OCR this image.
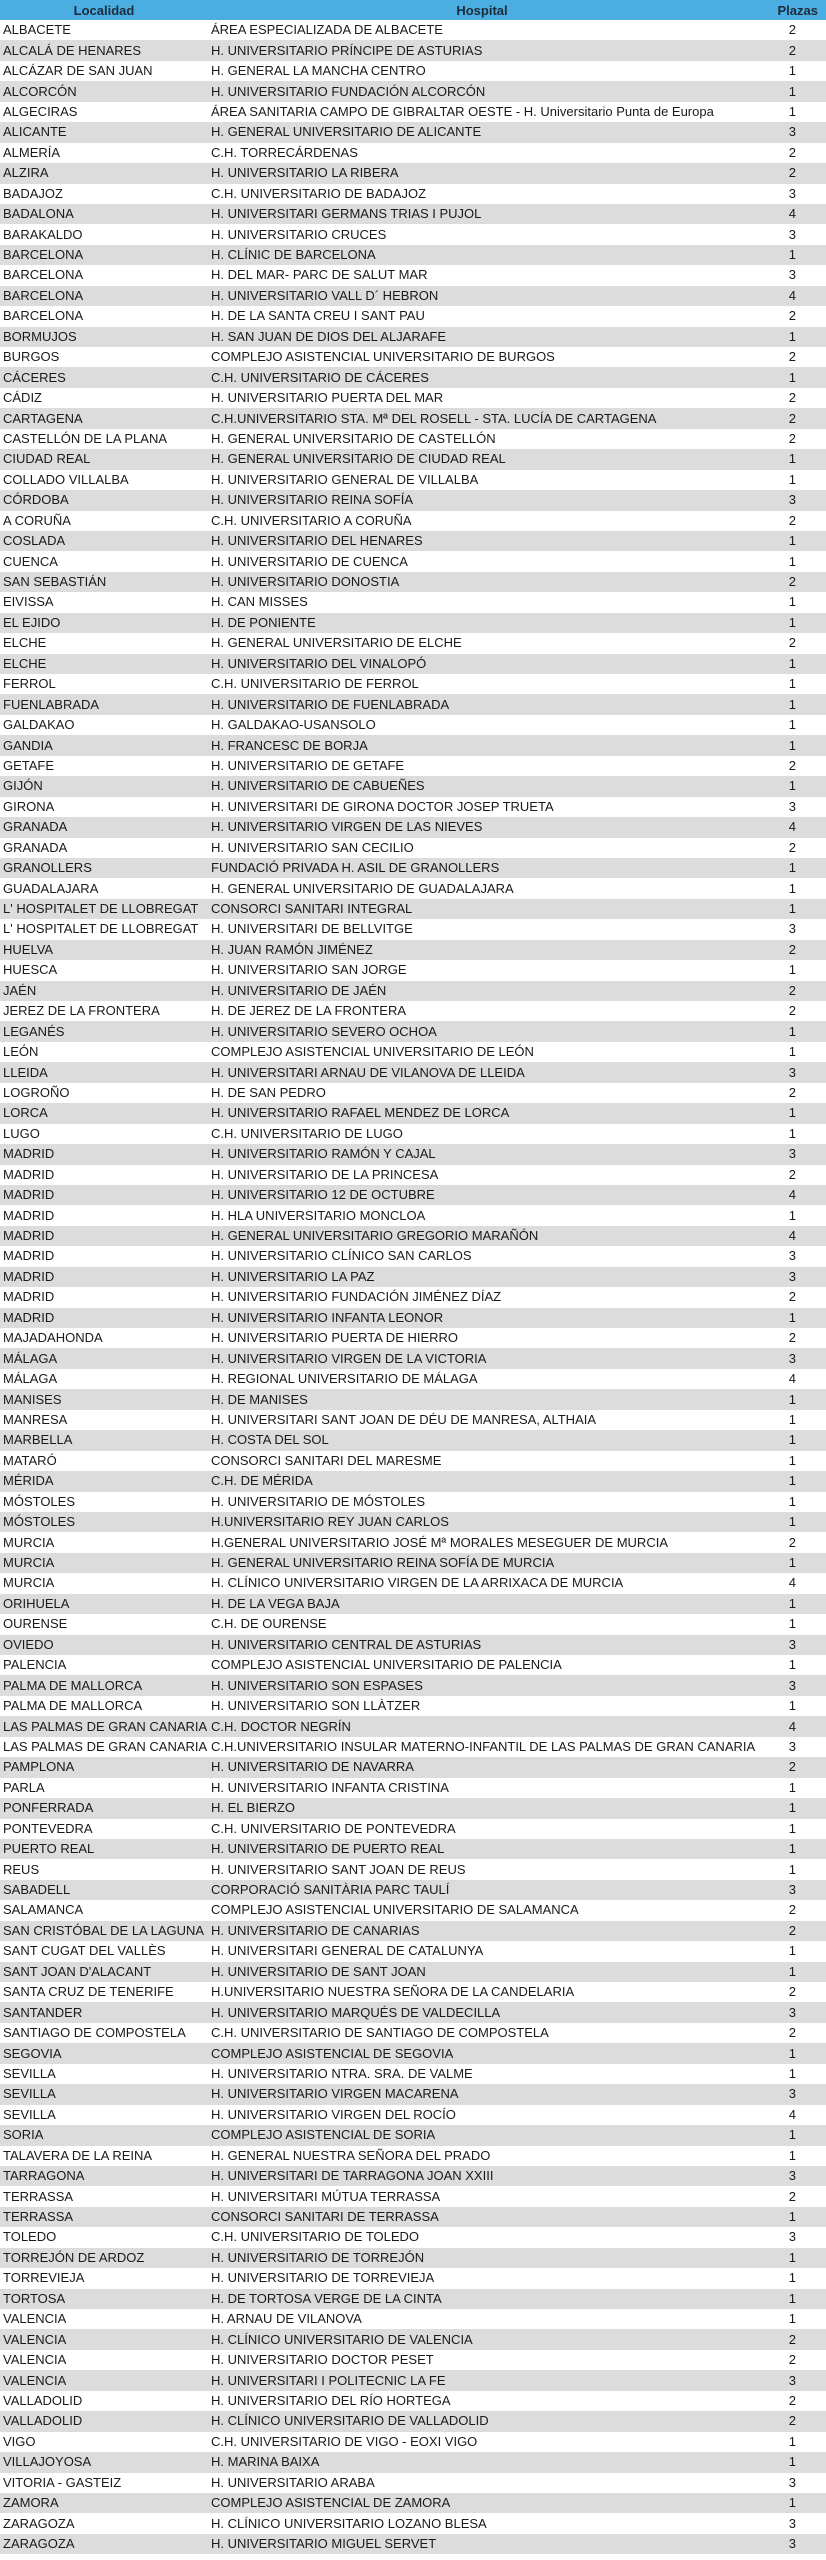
Localidad	Hospital	Plazas
ALBACETE	ÁREA ESPECIALIZADA DE ALBACETE	2
ALCALÁ DE HENARES	H. UNIVERSITARIO PRÍNCIPE DE ASTURIAS	2
ALCÁZAR DE SAN JUAN	H. GENERAL LA MANCHA CENTRO	1
ALCORCÓN	H. UNIVERSITARIO FUNDACIÓN ALCORCÓN	1
ALGECIRAS	ÁREA SANITARIA CAMPO DE GIBRALTAR OESTE - H. Universitario Punta de Europa	1
ALICANTE	H. GENERAL UNIVERSITARIO DE ALICANTE	3
ALMERÍA	C.H. TORRECÁRDENAS	2
ALZIRA	H. UNIVERSITARIO LA RIBERA	2
BADAJOZ	C.H. UNIVERSITARIO DE BADAJOZ	3
BADALONA	H. UNIVERSITARI GERMANS TRIAS I PUJOL	4
BARAKALDO	H. UNIVERSITARIO CRUCES	3
BARCELONA	H. CLÍNIC DE BARCELONA	1
BARCELONA	H. DEL MAR- PARC DE SALUT MAR	3
BARCELONA	H. UNIVERSITARIO VALL D´ HEBRON	4
BARCELONA	H. DE LA SANTA CREU I SANT PAU	2
BORMUJOS	H. SAN JUAN DE DIOS DEL ALJARAFE	1
BURGOS	COMPLEJO ASISTENCIAL UNIVERSITARIO DE BURGOS	2
CÁCERES	C.H. UNIVERSITARIO DE CÁCERES	1
CÁDIZ	H. UNIVERSITARIO PUERTA DEL MAR	2
CARTAGENA	C.H.UNIVERSITARIO STA. Mª DEL ROSELL - STA. LUCÍA DE CARTAGENA	2
CASTELLÓN DE LA PLANA	H. GENERAL UNIVERSITARIO DE CASTELLÓN	2
CIUDAD REAL	H. GENERAL UNIVERSITARIO DE CIUDAD REAL	1
COLLADO VILLALBA	H. UNIVERSITARIO GENERAL DE VILLALBA	1
CÓRDOBA	H. UNIVERSITARIO REINA SOFÍA	3
A CORUÑA	C.H. UNIVERSITARIO A CORUÑA	2
COSLADA	H. UNIVERSITARIO DEL HENARES	1
CUENCA	H. UNIVERSITARIO DE CUENCA	1
SAN SEBASTIÁN	H. UNIVERSITARIO DONOSTIA	2
EIVISSA	H. CAN MISSES	1
EL EJIDO	H. DE PONIENTE	1
ELCHE	H. GENERAL UNIVERSITARIO DE ELCHE	2
ELCHE	H. UNIVERSITARIO DEL VINALOPÓ	1
FERROL	C.H. UNIVERSITARIO DE FERROL	1
FUENLABRADA	H. UNIVERSITARIO DE FUENLABRADA	1
GALDAKAO	H. GALDAKAO-USANSOLO	1
GANDIA	H. FRANCESC DE BORJA	1
GETAFE	H. UNIVERSITARIO DE GETAFE	2
GIJÓN	H. UNIVERSITARIO DE CABUEÑES	1
GIRONA	H. UNIVERSITARI DE GIRONA DOCTOR JOSEP TRUETA	3
GRANADA	H. UNIVERSITARIO VIRGEN DE LAS NIEVES	4
GRANADA	H. UNIVERSITARIO SAN CECILIO	2
GRANOLLERS	FUNDACIÓ PRIVADA H. ASIL DE GRANOLLERS	1
GUADALAJARA	H. GENERAL UNIVERSITARIO DE GUADALAJARA	1
L' HOSPITALET DE LLOBREGAT	CONSORCI SANITARI INTEGRAL	1
L' HOSPITALET DE LLOBREGAT	H. UNIVERSITARI DE BELLVITGE	3
HUELVA	H. JUAN RAMÓN JIMÉNEZ	2
HUESCA	H. UNIVERSITARIO SAN JORGE	1
JAÉN	H. UNIVERSITARIO DE JAÉN	2
JEREZ DE LA FRONTERA	H. DE JEREZ DE LA FRONTERA	2
LEGANÉS	H. UNIVERSITARIO SEVERO OCHOA	1
LEÓN	COMPLEJO ASISTENCIAL UNIVERSITARIO DE LEÓN	1
LLEIDA	H. UNIVERSITARI ARNAU DE VILANOVA DE LLEIDA	3
LOGROÑO	H. DE SAN PEDRO	2
LORCA	H. UNIVERSITARIO RAFAEL MENDEZ DE LORCA	1
LUGO	C.H. UNIVERSITARIO DE LUGO	1
MADRID	H. UNIVERSITARIO RAMÓN Y CAJAL	3
MADRID	H. UNIVERSITARIO DE LA PRINCESA	2
MADRID	H. UNIVERSITARIO 12 DE OCTUBRE	4
MADRID	H. HLA UNIVERSITARIO MONCLOA	1
MADRID	H. GENERAL UNIVERSITARIO GREGORIO MARAÑÓN	4
MADRID	H. UNIVERSITARIO CLÍNICO SAN CARLOS	3
MADRID	H. UNIVERSITARIO LA PAZ	3
MADRID	H. UNIVERSITARIO FUNDACIÓN JIMÉNEZ DÍAZ	2
MADRID	H. UNIVERSITARIO INFANTA LEONOR	1
MAJADAHONDA	H. UNIVERSITARIO PUERTA DE HIERRO	2
MÁLAGA	H. UNIVERSITARIO VIRGEN DE LA VICTORIA	3
MÁLAGA	H. REGIONAL UNIVERSITARIO DE MÁLAGA	4
MANISES	H. DE MANISES	1
MANRESA	H. UNIVERSITARI SANT JOAN DE DÉU DE MANRESA, ALTHAIA	1
MARBELLA	H. COSTA DEL SOL	1
MATARÓ	CONSORCI SANITARI DEL MARESME	1
MÉRIDA	C.H. DE MÉRIDA	1
MÓSTOLES	H. UNIVERSITARIO DE MÓSTOLES	1
MÓSTOLES	H.UNIVERSITARIO REY JUAN CARLOS	1
MURCIA	H.GENERAL UNIVERSITARIO JOSÉ Mª MORALES MESEGUER DE MURCIA	2
MURCIA	H. GENERAL UNIVERSITARIO REINA SOFÍA DE MURCIA	1
MURCIA	H. CLÍNICO UNIVERSITARIO VIRGEN DE LA ARRIXACA DE MURCIA	4
ORIHUELA	H. DE LA VEGA BAJA	1
OURENSE	C.H. DE OURENSE	1
OVIEDO	H. UNIVERSITARIO CENTRAL DE ASTURIAS	3
PALENCIA	COMPLEJO ASISTENCIAL UNIVERSITARIO DE PALENCIA	1
PALMA DE MALLORCA	H. UNIVERSITARIO SON ESPASES	3
PALMA DE MALLORCA	H. UNIVERSITARIO SON LLÀTZER	1
LAS PALMAS DE GRAN CANARIA	C.H. DOCTOR NEGRÍN	4
LAS PALMAS DE GRAN CANARIA	C.H.UNIVERSITARIO INSULAR MATERNO-INFANTIL DE LAS PALMAS DE GRAN CANARIA	3
PAMPLONA	H. UNIVERSITARIO DE NAVARRA	2
PARLA	H. UNIVERSITARIO INFANTA CRISTINA	1
PONFERRADA	H. EL BIERZO	1
PONTEVEDRA	C.H. UNIVERSITARIO DE PONTEVEDRA	1
PUERTO REAL	H. UNIVERSITARIO DE PUERTO REAL	1
REUS	H. UNIVERSITARIO SANT JOAN DE REUS	1
SABADELL	CORPORACIÓ SANITÀRIA PARC TAULÍ	3
SALAMANCA	COMPLEJO ASISTENCIAL UNIVERSITARIO DE SALAMANCA	2
SAN CRISTÓBAL DE LA LAGUNA	H. UNIVERSITARIO DE CANARIAS	2
SANT CUGAT DEL VALLÈS	H. UNIVERSITARI GENERAL DE CATALUNYA	1
SANT JOAN D'ALACANT	H. UNIVERSITARIO DE SANT JOAN	1
SANTA CRUZ DE TENERIFE	H.UNIVERSITARIO NUESTRA SEÑORA DE LA CANDELARIA	2
SANTANDER	H. UNIVERSITARIO MARQUÉS DE VALDECILLA	3
SANTIAGO DE COMPOSTELA	C.H. UNIVERSITARIO DE SANTIAGO DE COMPOSTELA	2
SEGOVIA	COMPLEJO ASISTENCIAL DE SEGOVIA	1
SEVILLA	H. UNIVERSITARIO NTRA. SRA. DE VALME	1
SEVILLA	H. UNIVERSITARIO VIRGEN MACARENA	3
SEVILLA	H. UNIVERSITARIO VIRGEN DEL ROCÍO	4
SORIA	COMPLEJO ASISTENCIAL DE SORIA	1
TALAVERA DE LA REINA	H. GENERAL NUESTRA SEÑORA DEL PRADO	1
TARRAGONA	H. UNIVERSITARI DE TARRAGONA JOAN XXIII	3
TERRASSA	H. UNIVERSITARI MÚTUA TERRASSA	2
TERRASSA	CONSORCI SANITARI DE TERRASSA	1
TOLEDO	C.H. UNIVERSITARIO DE TOLEDO	3
TORREJÓN DE ARDOZ	H. UNIVERSITARIO DE TORREJÓN	1
TORREVIEJA	H. UNIVERSITARIO DE TORREVIEJA	1
TORTOSA	H. DE TORTOSA VERGE DE LA CINTA	1
VALENCIA	H. ARNAU DE VILANOVA	1
VALENCIA	H. CLÍNICO UNIVERSITARIO DE VALENCIA	2
VALENCIA	H. UNIVERSITARIO DOCTOR PESET	2
VALENCIA	H. UNIVERSITARI I POLITECNIC LA FE	3
VALLADOLID	H. UNIVERSITARIO DEL RÍO HORTEGA	2
VALLADOLID	H. CLÍNICO UNIVERSITARIO DE VALLADOLID	2
VIGO	C.H. UNIVERSITARIO DE VIGO - EOXI VIGO	1
VILLAJOYOSA	H. MARINA BAIXA	1
VITORIA - GASTEIZ	H. UNIVERSITARIO ARABA	3
ZAMORA	COMPLEJO ASISTENCIAL DE ZAMORA	1
ZARAGOZA	H. CLÍNICO UNIVERSITARIO LOZANO BLESA	3
ZARAGOZA	H. UNIVERSITARIO MIGUEL SERVET	3
